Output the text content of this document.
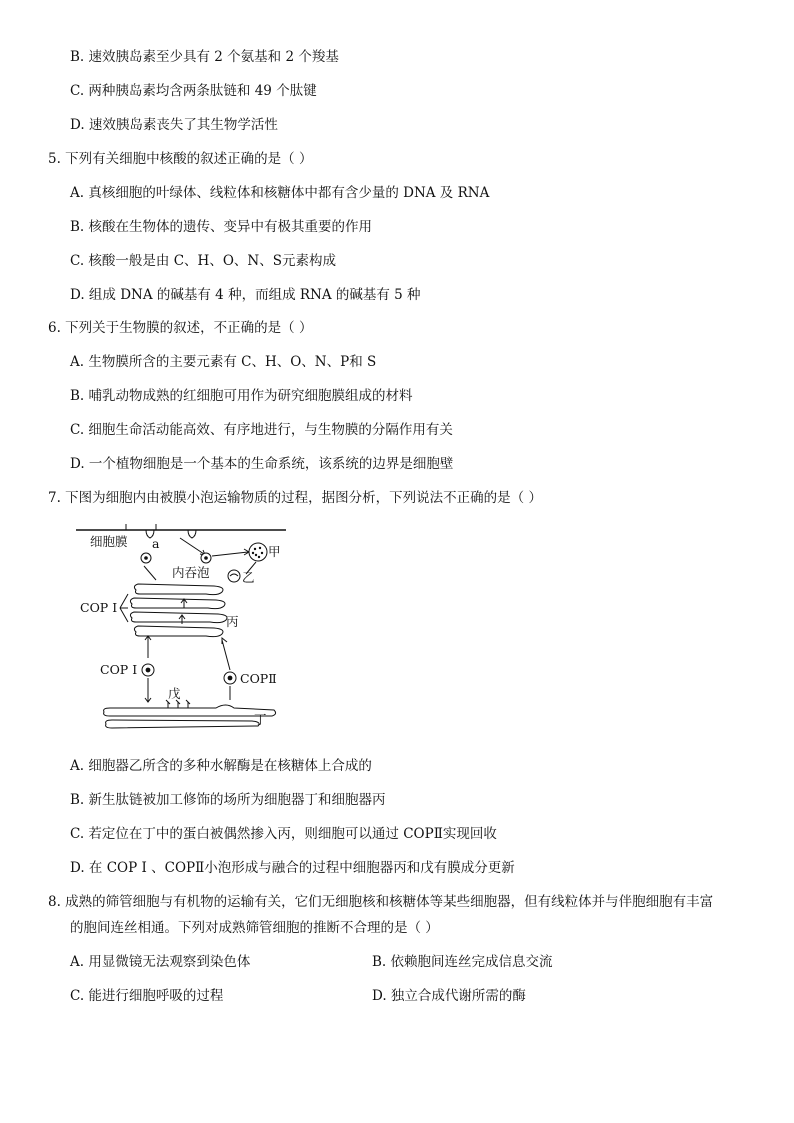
B. 速效胰岛素至少具有 2 个氨基和 2 个羧基
C. 两种胰岛素均含两条肽链和 49 个肽键
D. 速效胰岛素丧失了其生物学活性
5. 下列有关细胞中核酸的叙述正确的是（ ）
A. 真核细胞的叶绿体、线粒体和核糖体中都有含少量的 DNA 及 RNA
B. 核酸在生物体的遗传、变异中有极其重要的作用
C. 核酸一般是由 C、H、O、N、S元素构成
D. 组成 DNA 的碱基有 4 种，而组成 RNA 的碱基有 5 种
6. 下列关于生物膜的叙述，不正确的是（ ）
A. 生物膜所含的主要元素有 C、H、O、N、P和 S
B. 哺乳动物成熟的红细胞可用作为研究细胞膜组成的材料
C. 细胞生命活动能高效、有序地进行，与生物膜的分隔作用有关
D. 一个植物细胞是一个基本的生命系统，该系统的边界是细胞壁
7. 下图为细胞内由被膜小泡运输物质的过程，据图分析，下列说法不正确的是（ ）
细胞膜 a
甲
内吞泡	乙
COP I
丙
COP I
COPⅡ
戊
丁
A. 细胞器乙所含的多种水解酶是在核糖体上合成的
B. 新生肽链被加工修饰的场所为细胞器丁和细胞器丙
C. 若定位在丁中的蛋白被偶然掺入丙，则细胞可以通过 COPⅡ实现回收
D. 在 COP I 、COPⅡ小泡形成与融合的过程中细胞器丙和戊有膜成分更新
8. 成熟的筛管细胞与有机物的运输有关，它们无细胞核和核糖体等某些细胞器，但有线粒体并与伴胞细胞有丰富
的胞间连丝相通。下列对成熟筛管细胞的推断不合理的是（ ）
A. 用显微镜无法观察到染色体	B. 依赖胞间连丝完成信息交流
C. 能进行细胞呼吸的过程	D. 独立合成代谢所需的酶
